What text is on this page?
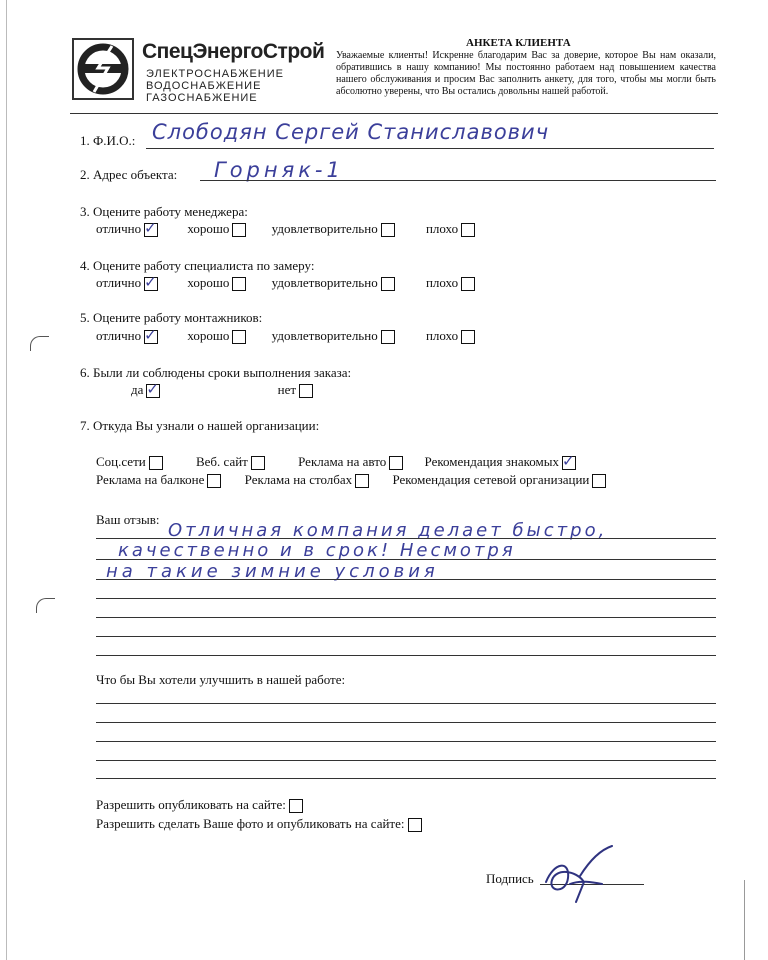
СпецЭнергоСтрой
ЭЛЕКТРОСНАБЖЕНИЕ
ВОДОСНАБЖЕНИЕ
ГАЗОСНАБЖЕНИЕ
АНКЕТА КЛИЕНТА
Уважаемые клиенты! Искренне благодарим Вас за доверие, которое Вы нам оказали, обратившись в нашу компанию! Мы постоянно работаем над повышением качества нашего обслуживания и просим Вас заполнить анкету, для того, чтобы мы могли быть абсолютно уверены, что Вы остались довольны нашей работой.
1. Ф.И.О.: Слободян Сергей Станиславович
2. Адрес объекта: Горняк-1
3. Оцените работу менеджера:
отлично ✓ хорошо	удовлетворительно	плохо
4. Оцените работу специалиста по замеру:
отлично ✓ хорошо	удовлетворительно	плохо
5. Оцените работу монтажников:
отлично ✓ хорошо	удовлетворительно	плохо
6. Были ли соблюдены сроки выполнения заказа:
да ✓	нет
7. Откуда Вы узнали о нашей организации:
Соц.сети	Веб. сайт	Реклама на авто	Рекомендация знакомых ✓
Реклама на балконе	Реклама на столбах	Рекомендация сетевой организации
Ваш отзыв:
Отличная компания делает быстро,
качественно и в срок! Несмотря
на такие зимние условия
Что бы Вы хотели улучшить в нашей работе:
Разрешить опубликовать на сайте:
Разрешить сделать Ваше фото и опубликовать на сайте:
Подпись
